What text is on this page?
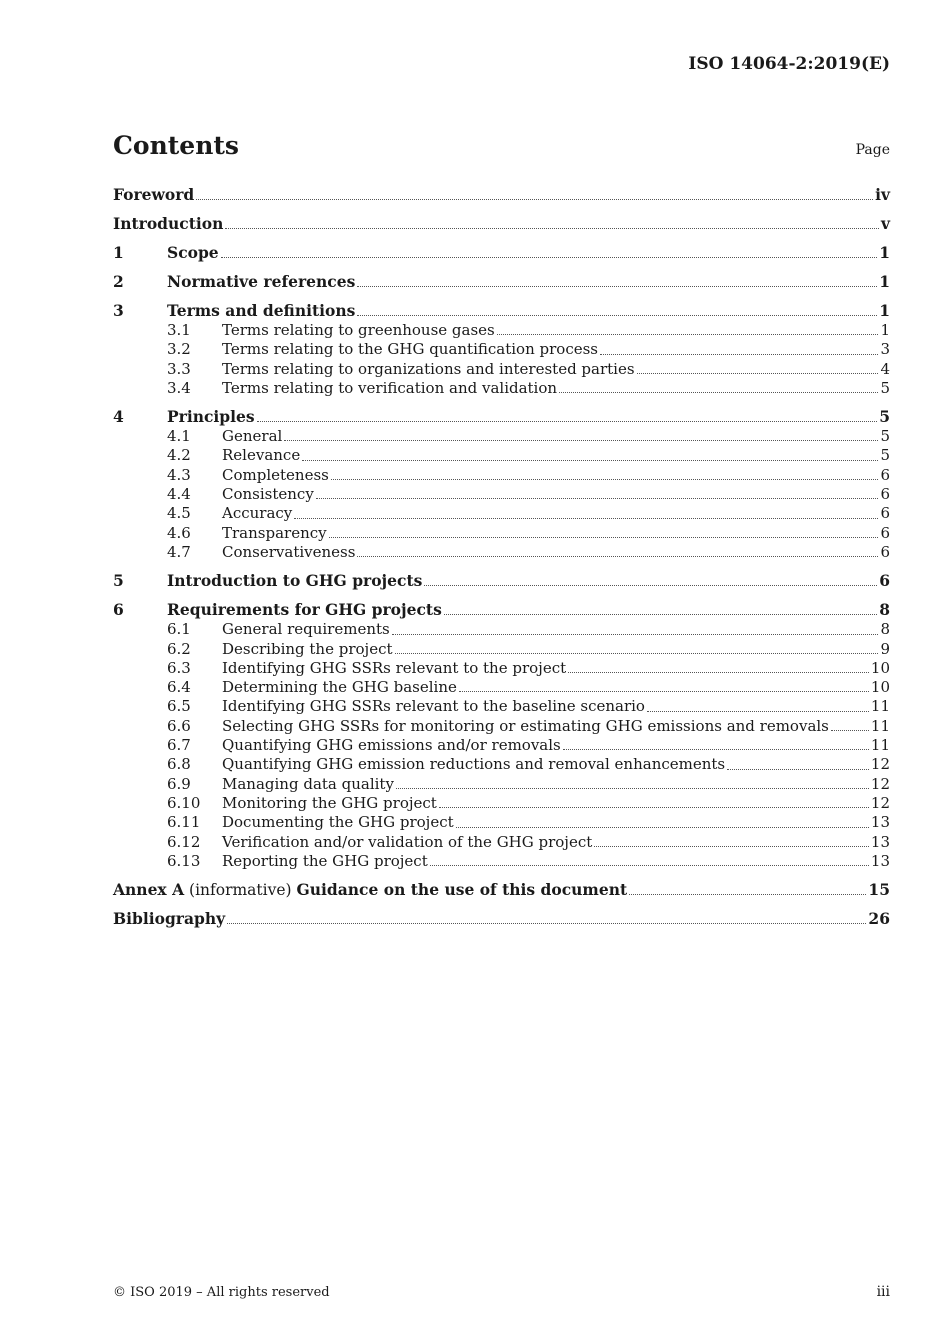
ISO 14064-2:2019(E)
Contents	Page
Foreword	iv
Introduction	v
1	Scope	1
2	Normative references	1
3	Terms and definitions	1
3.1	Terms relating to greenhouse gases	1
3.2	Terms relating to the GHG quantification process	3
3.3	Terms relating to organizations and interested parties	4
3.4	Terms relating to verification and validation	5
4	Principles	5
4.1	General	5
4.2	Relevance	5
4.3	Completeness	6
4.4	Consistency	6
4.5	Accuracy	6
4.6	Transparency	6
4.7	Conservativeness	6
5	Introduction to GHG projects	6
6	Requirements for GHG projects	8
6.1	General requirements	8
6.2	Describing the project	9
6.3	Identifying GHG SSRs relevant to the project	10
6.4	Determining the GHG baseline	10
6.5	Identifying GHG SSRs relevant to the baseline scenario	11
6.6	Selecting GHG SSRs for monitoring or estimating GHG emissions and removals	11
6.7	Quantifying GHG emissions and/or removals	11
6.8	Quantifying GHG emission reductions and removal enhancements	12
6.9	Managing data quality	12
6.10	Monitoring the GHG project	12
6.11	Documenting the GHG project	13
6.12	Verification and/or validation of the GHG project	13
6.13	Reporting the GHG project	13
Annex A (informative) Guidance on the use of this document	15
Bibliography	26
© ISO 2019 – All rights reserved	iii
